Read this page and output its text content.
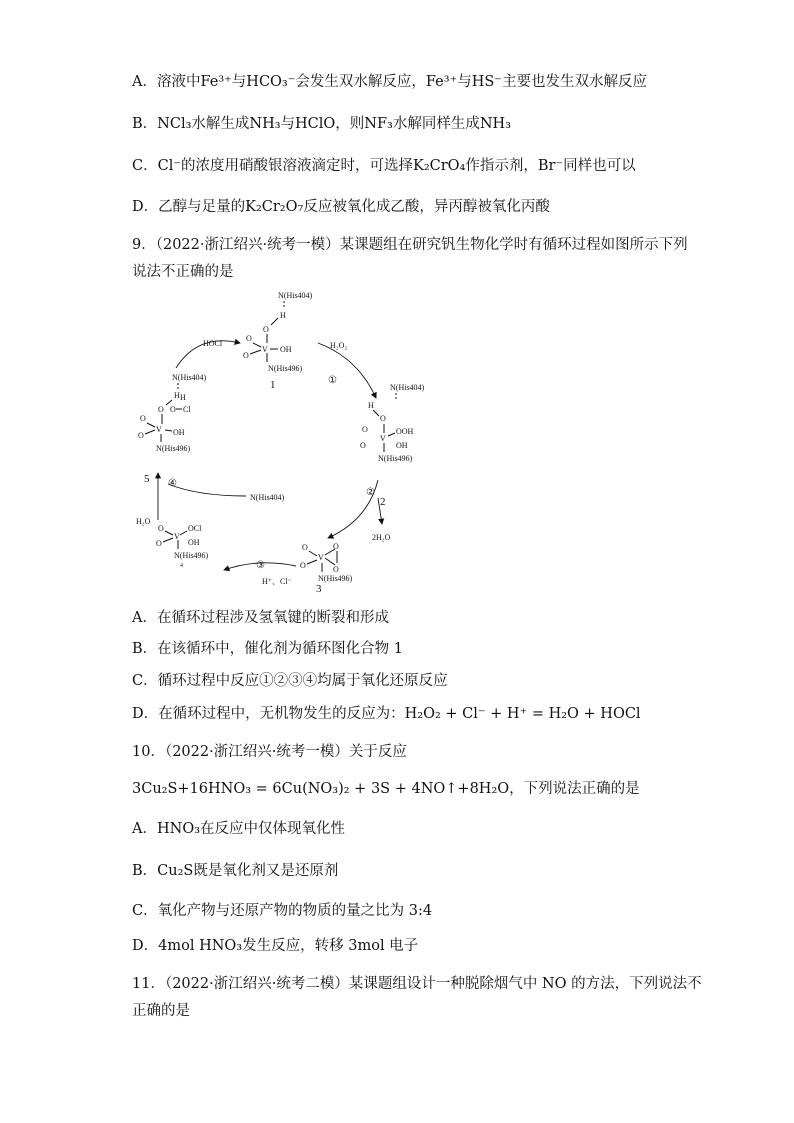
A．溶液中Fe³⁺与HCO₃⁻会发生双水解反应，Fe³⁺与HS⁻主要也发生双水解反应
B．NCl₃水解生成NH₃与HClO，则NF₃水解同样生成NH₃
C．Cl⁻的浓度用硝酸银溶液滴定时，可选择K₂CrO₄作指示剂，Br⁻同样也可以
D．乙醇与足量的K₂Cr₂O₇反应被氧化成乙酸，异丙醇被氧化丙酸
9．（2022·浙江绍兴·统考一模）某课题组在研究钒生物化学时有循环过程如图所示下列
说法不正确的是
N(His404)
H
O
V
O
O
OH
N(His496)
1
HOCl
N(His404)
H
O
O
O
V
O Cl
H
OH
N(His496)
H₂O₂
①
N(His404)
H
O
V
O
O
OOH
OH
N(His496)
②
2
2H₂O
N(His404)
5 ④
H₂O
O
O
V
OCl
OH
N(His496)
4	③
H⁺、Cl⁻
O
O
V
O
O
N(His496)
3
A．在循环过程涉及氢氧键的断裂和形成
B．在该循环中，催化剂为循环图化合物 1
C．循环过程中反应①②③④均属于氧化还原反应
D．在循环过程中，无机物发生的反应为：H₂O₂ + Cl⁻ + H⁺ = H₂O + HOCl
10．（2022·浙江绍兴·统考一模）关于反应
3Cu₂S+16HNO₃ = 6Cu(NO₃)₂ + 3S + 4NO↑+8H₂O，下列说法正确的是
A．HNO₃在反应中仅体现氧化性
B．Cu₂S既是氧化剂又是还原剂
C．氧化产物与还原产物的物质的量之比为 3:4
D．4mol HNO₃发生反应，转移 3mol 电子
11．（2022·浙江绍兴·统考二模）某课题组设计一种脱除烟气中 NO 的方法，下列说法不
正确的是
